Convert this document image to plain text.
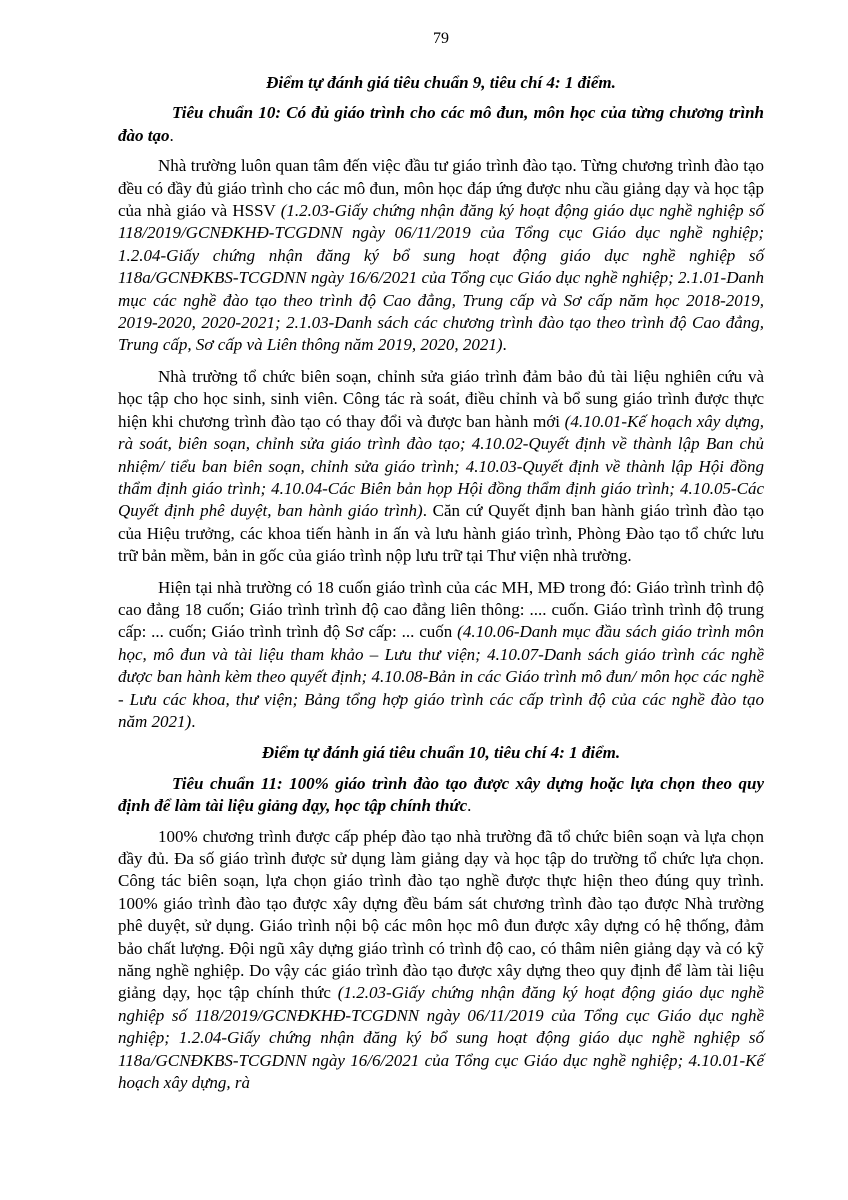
79

Điểm tự đánh giá tiêu chuẩn 9, tiêu chí 4: 1 điểm.

Tiêu chuẩn 10: Có đủ giáo trình cho các mô đun, môn học của từng chương trình đào tạo.

Nhà trường luôn quan tâm đến việc đầu tư giáo trình đào tạo. Từng chương trình đào tạo đều có đầy đủ giáo trình cho các mô đun, môn học đáp ứng được nhu cầu giảng dạy và học tập của nhà giáo và HSSV (1.2.03-Giấy chứng nhận đăng ký hoạt động giáo dục nghề nghiệp số 118/2019/GCNĐKHĐ-TCGDNN ngày 06/11/2019 của Tổng cục Giáo dục nghề nghiệp; 1.2.04-Giấy chứng nhận đăng ký bổ sung hoạt động giáo dục nghề nghiệp số 118a/GCNĐKBS-TCGDNN ngày 16/6/2021 của Tổng cục Giáo dục nghề nghiệp; 2.1.01-Danh mục các nghề đào tạo theo trình độ Cao đẳng, Trung cấp và Sơ cấp năm học 2018-2019, 2019-2020, 2020-2021; 2.1.03-Danh sách các chương trình đào tạo theo trình độ Cao đẳng, Trung cấp, Sơ cấp và Liên thông năm 2019, 2020, 2021).

Nhà trường tổ chức biên soạn, chỉnh sửa giáo trình đảm bảo đủ tài liệu nghiên cứu và học tập cho học sinh, sinh viên. Công tác rà soát, điều chỉnh và bổ sung giáo trình được thực hiện khi chương trình đào tạo có thay đổi và được ban hành mới (4.10.01-Kế hoạch xây dựng, rà soát, biên soạn, chỉnh sửa giáo trình đào tạo; 4.10.02-Quyết định về thành lập Ban chủ nhiệm/ tiểu ban biên soạn, chỉnh sửa giáo trình; 4.10.03-Quyết định về thành lập Hội đồng thẩm định giáo trình; 4.10.04-Các Biên bản họp Hội đồng thẩm định giáo trình; 4.10.05-Các Quyết định phê duyệt, ban hành giáo trình). Căn cứ Quyết định ban hành giáo trình đào tạo của Hiệu trưởng, các khoa tiến hành in ấn và lưu hành giáo trình, Phòng Đào tạo tổ chức lưu trữ bản mềm, bản in gốc của giáo trình nộp lưu trữ tại Thư viện nhà trường.

Hiện tại nhà trường có 18 cuốn giáo trình của các MH, MĐ trong đó: Giáo trình trình độ cao đẳng 18 cuốn; Giáo trình trình độ cao đẳng liên thông: .... cuốn. Giáo trình trình độ trung cấp: ... cuốn; Giáo trình trình độ Sơ cấp: ... cuốn (4.10.06-Danh mục đầu sách giáo trình môn học, mô đun và tài liệu tham khảo – Lưu thư viện; 4.10.07-Danh sách giáo trình các nghề được ban hành kèm theo quyết định; 4.10.08-Bản in các Giáo trình mô đun/ môn học các nghề - Lưu các khoa, thư viện; Bảng tổng hợp giáo trình các cấp trình độ của các nghề đào tạo năm 2021).

Điểm tự đánh giá tiêu chuẩn 10, tiêu chí 4: 1 điểm.

Tiêu chuẩn 11: 100% giáo trình đào tạo được xây dựng hoặc lựa chọn theo quy định để làm tài liệu giảng dạy, học tập chính thức.

100% chương trình được cấp phép đào tạo nhà trường đã tổ chức biên soạn và lựa chọn đầy đủ. Đa số giáo trình được sử dụng làm giảng dạy và học tập do trường tổ chức lựa chọn. Công tác biên soạn, lựa chọn giáo trình đào tạo nghề được thực hiện theo đúng quy trình. 100% giáo trình đào tạo được xây dựng đều bám sát chương trình đào tạo được Nhà trường phê duyệt, sử dụng. Giáo trình nội bộ các môn học mô đun được xây dựng có hệ thống, đảm bảo chất lượng. Đội ngũ xây dựng giáo trình có trình độ cao, có thâm niên giảng dạy và có kỹ năng nghề nghiệp. Do vậy các giáo trình đào tạo được xây dựng theo quy định để làm tài liệu giảng dạy, học tập chính thức (1.2.03-Giấy chứng nhận đăng ký hoạt động giáo dục nghề nghiệp số 118/2019/GCNĐKHĐ-TCGDNN ngày 06/11/2019 của Tổng cục Giáo dục nghề nghiệp; 1.2.04-Giấy chứng nhận đăng ký bổ sung hoạt động giáo dục nghề nghiệp số 118a/GCNĐKBS-TCGDNN ngày 16/6/2021 của Tổng cục Giáo dục nghề nghiệp; 4.10.01-Kế hoạch xây dựng, rà
